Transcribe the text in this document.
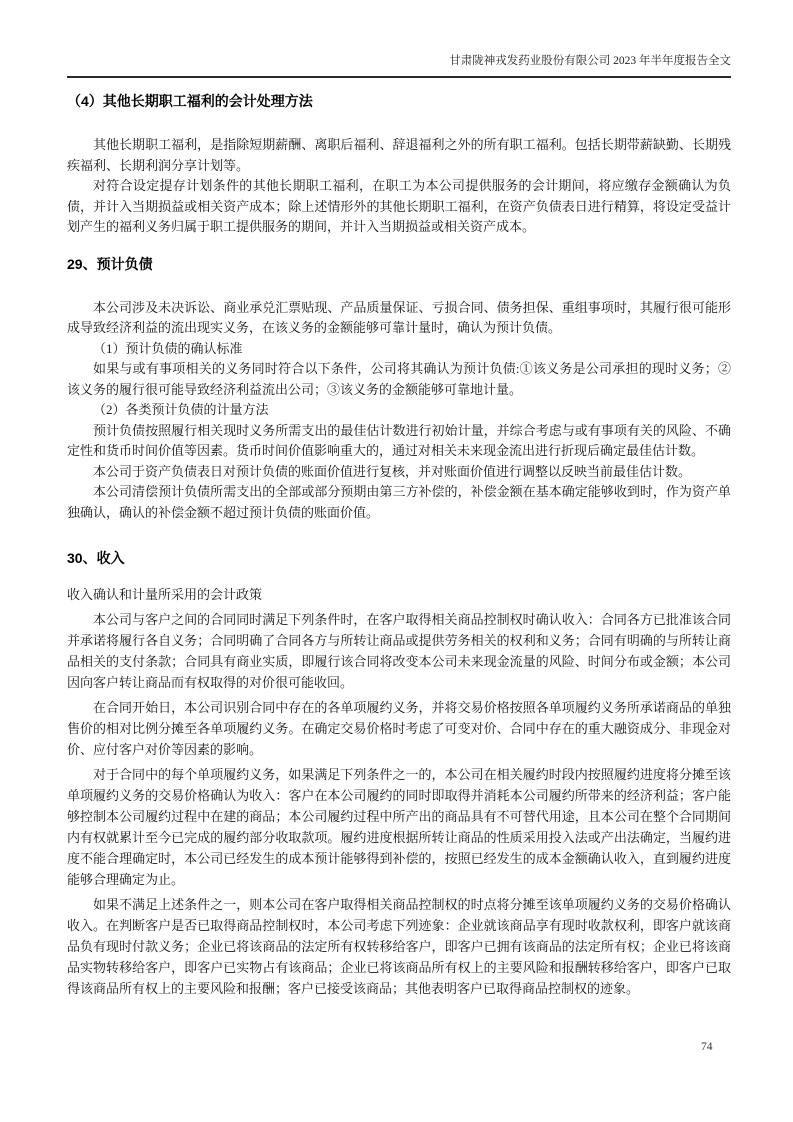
甘肃陇神戎发药业股份有限公司 2023 年半年度报告全文
（4）其他长期职工福利的会计处理方法

其他长期职工福利，是指除短期薪酬、离职后福利、辞退福利之外的所有职工福利。包括长期带薪缺勤、长期残疾福利、长期利润分享计划等。

对符合设定提存计划条件的其他长期职工福利，在职工为本公司提供服务的会计期间，将应缴存金额确认为负债，并计入当期损益或相关资产成本；除上述情形外的其他长期职工福利，在资产负债表日进行精算，将设定受益计划产生的福利义务归属于职工提供服务的期间，并计入当期损益或相关资产成本。

29、预计负债

本公司涉及未决诉讼、商业承兑汇票贴现、产品质量保证、亏损合同、债务担保、重组事项时，其履行很可能形成导致经济利益的流出现实义务，在该义务的金额能够可靠计量时，确认为预计负债。

（1）预计负债的确认标准

如果与或有事项相关的义务同时符合以下条件，公司将其确认为预计负债:①该义务是公司承担的现时义务；②该义务的履行很可能导致经济利益流出公司；③该义务的金额能够可靠地计量。

（2）各类预计负债的计量方法

预计负债按照履行相关现时义务所需支出的最佳估计数进行初始计量，并综合考虑与或有事项有关的风险、不确定性和货币时间价值等因素。货币时间价值影响重大的，通过对相关未来现金流出进行折现后确定最佳估计数。

本公司于资产负债表日对预计负债的账面价值进行复核，并对账面价值进行调整以反映当前最佳估计数。

本公司清偿预计负债所需支出的全部或部分预期由第三方补偿的，补偿金额在基本确定能够收到时，作为资产单独确认，确认的补偿金额不超过预计负债的账面价值。

30、收入

收入确认和计量所采用的会计政策

本公司与客户之间的合同同时满足下列条件时，在客户取得相关商品控制权时确认收入：合同各方已批准该合同并承诺将履行各自义务；合同明确了合同各方与所转让商品或提供劳务相关的权利和义务；合同有明确的与所转让商品相关的支付条款；合同具有商业实质，即履行该合同将改变本公司未来现金流量的风险、时间分布或金额；本公司因向客户转让商品而有权取得的对价很可能收回。

在合同开始日，本公司识别合同中存在的各单项履约义务，并将交易价格按照各单项履约义务所承诺商品的单独售价的相对比例分摊至各单项履约义务。在确定交易价格时考虑了可变对价、合同中存在的重大融资成分、非现金对价、应付客户对价等因素的影响。

对于合同中的每个单项履约义务，如果满足下列条件之一的，本公司在相关履约时段内按照履约进度将分摊至该单项履约义务的交易价格确认为收入：客户在本公司履约的同时即取得并消耗本公司履约所带来的经济利益；客户能够控制本公司履约过程中在建的商品；本公司履约过程中所产出的商品具有不可替代用途，且本公司在整个合同期间内有权就累计至今已完成的履约部分收取款项。履约进度根据所转让商品的性质采用投入法或产出法确定，当履约进度不能合理确定时，本公司已经发生的成本预计能够得到补偿的，按照已经发生的成本金额确认收入，直到履约进度能够合理确定为止。

如果不满足上述条件之一，则本公司在客户取得相关商品控制权的时点将分摊至该单项履约义务的交易价格确认收入。在判断客户是否已取得商品控制权时，本公司考虑下列迹象：企业就该商品享有现时收款权利，即客户就该商品负有现时付款义务；企业已将该商品的法定所有权转移给客户，即客户已拥有该商品的法定所有权；企业已将该商品实物转移给客户，即客户已实物占有该商品；企业已将该商品所有权上的主要风险和报酬转移给客户，即客户已取得该商品所有权上的主要风险和报酬；客户已接受该商品；其他表明客户已取得商品控制权的迹象。

74
